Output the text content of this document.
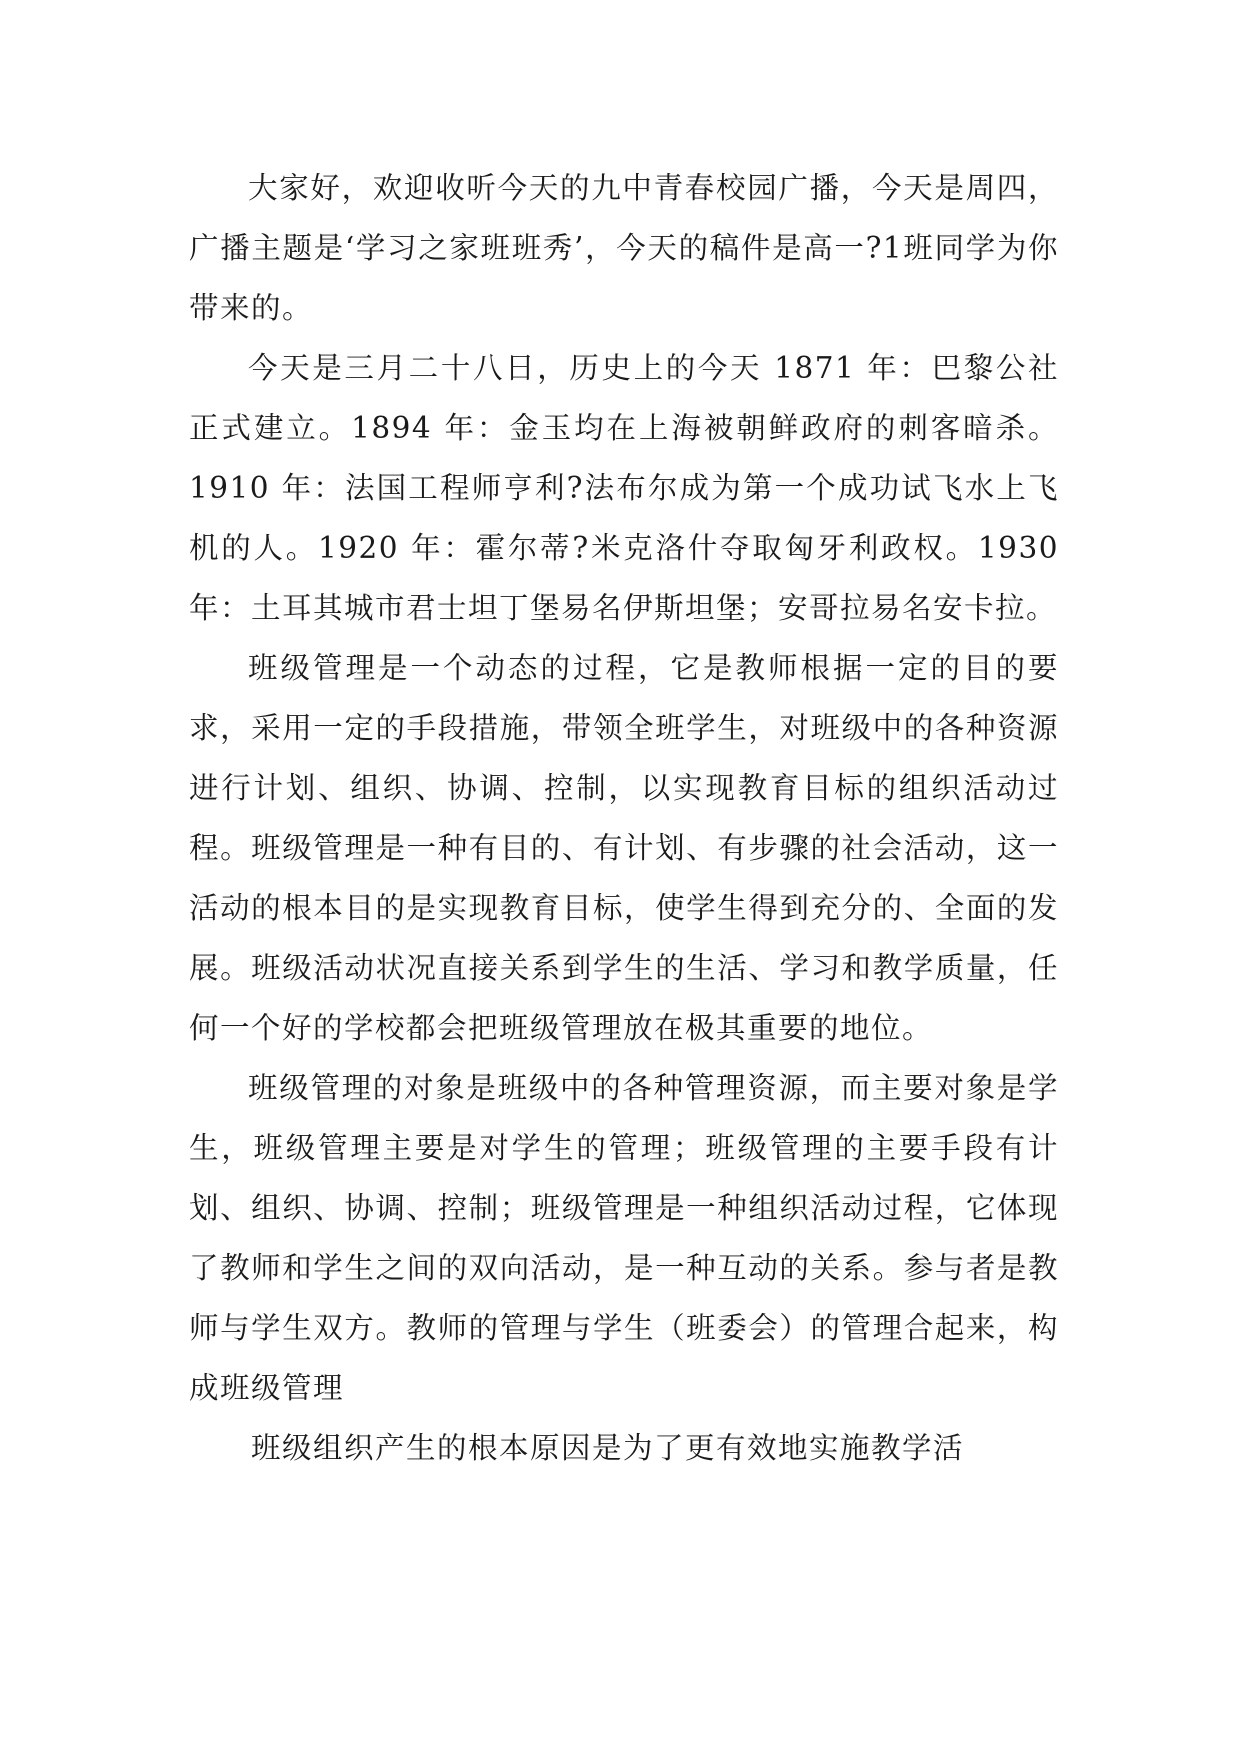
大家好，欢迎收听今天的九中青春校园广播，今天是周四，广播主题是‘学习之家班班秀’，今天的稿件是高一?1班同学为你带来的。

今天是三月二十八日，历史上的今天 1871 年：巴黎公社正式建立。1894 年：金玉均在上海被朝鲜政府的刺客暗杀。1910 年：法国工程师亨利?法布尔成为第一个成功试飞水上飞机的人。1920 年：霍尔蒂?米克洛什夺取匈牙利政权。1930 年：土耳其城市君士坦丁堡易名伊斯坦堡；安哥拉易名安卡拉。

班级管理是一个动态的过程，它是教师根据一定的目的要求，采用一定的手段措施，带领全班学生，对班级中的各种资源进行计划、组织、协调、控制，以实现教育目标的组织活动过程。班级管理是一种有目的、有计划、有步骤的社会活动，这一活动的根本目的是实现教育目标，使学生得到充分的、全面的发展。班级活动状况直接关系到学生的生活、学习和教学质量，任何一个好的学校都会把班级管理放在极其重要的地位。

班级管理的对象是班级中的各种管理资源，而主要对象是学生，班级管理主要是对学生的管理；班级管理的主要手段有计划、组织、协调、控制；班级管理是一种组织活动过程，它体现了教师和学生之间的双向活动，是一种互动的关系。参与者是教师与学生双方。教师的管理与学生（班委会）的管理合起来，构成班级管理

班级组织产生的根本原因是为了更有效地实施教学活
